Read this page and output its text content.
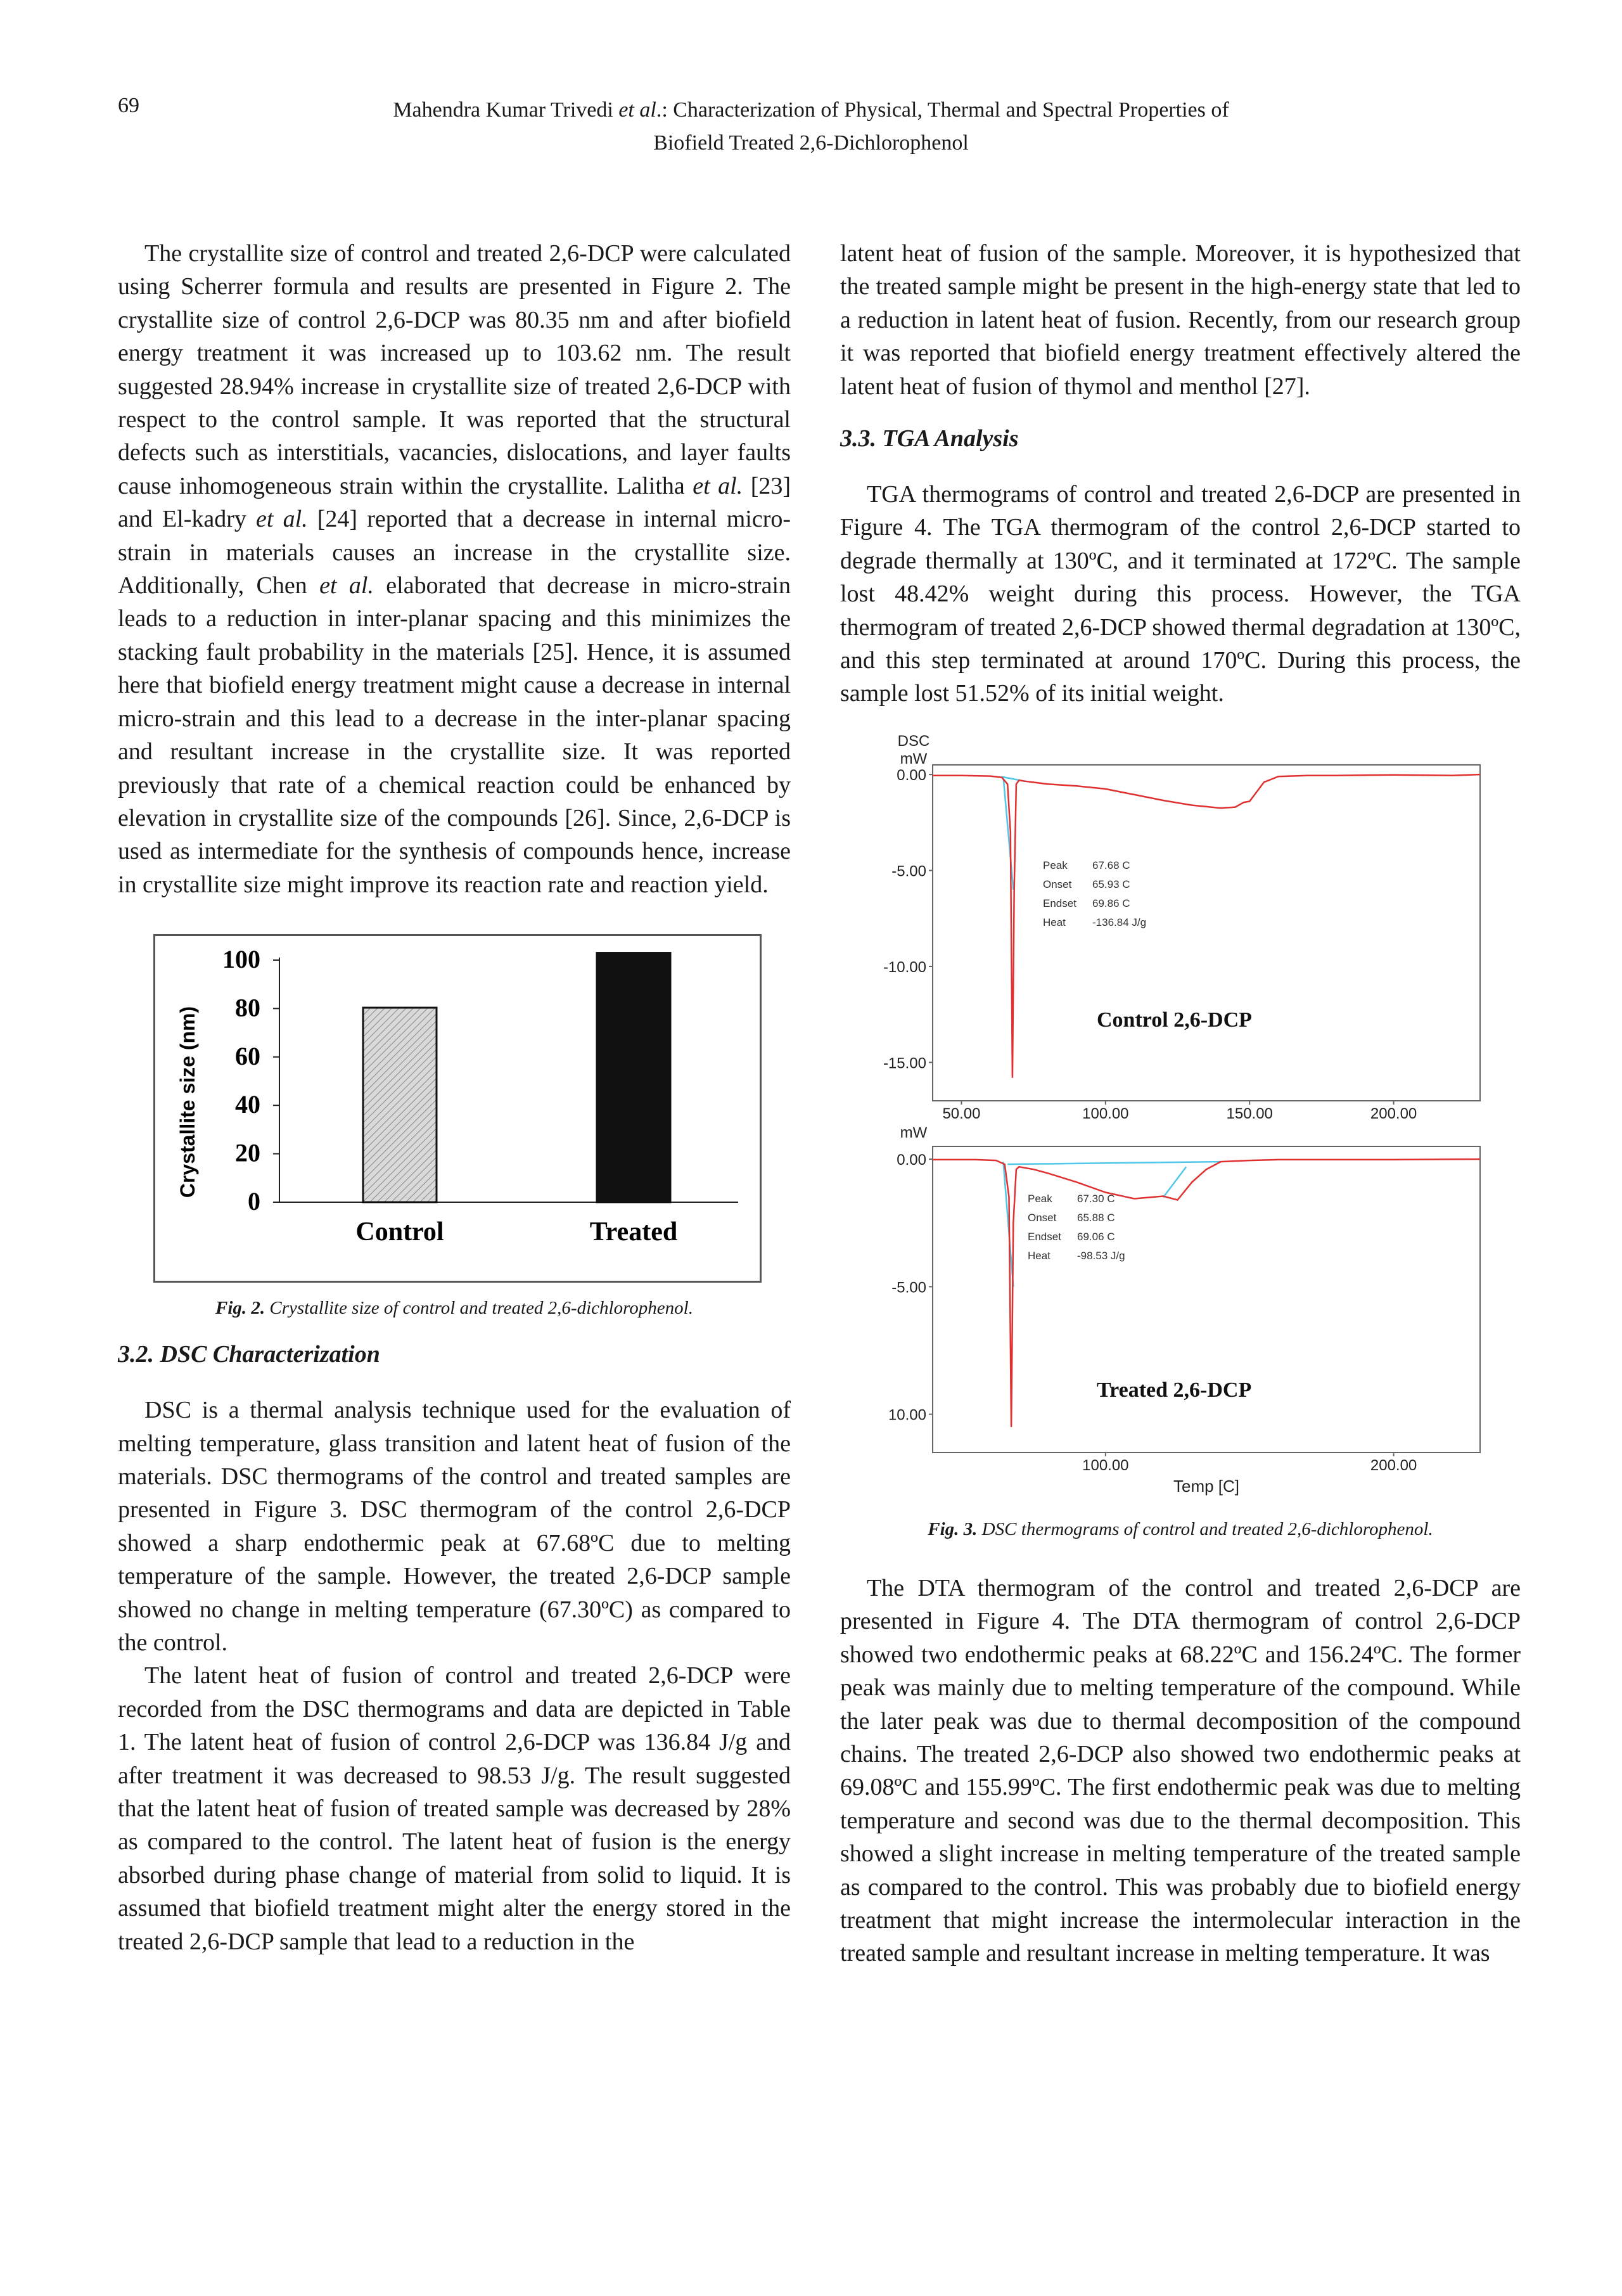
69	Mahendra Kumar Trivedi et al.: Characterization of Physical, Thermal and Spectral Properties of
Biofield Treated 2,6-Dichlorophenol

The crystallite size of control and treated 2,6-DCP were calculated using Scherrer formula and results are presented in Figure 2. The crystallite size of control 2,6-DCP was 80.35 nm and after biofield energy treatment it was increased up to 103.62 nm. The result suggested 28.94% increase in crystallite size of treated 2,6-DCP with respect to the control sample. It was reported that the structural defects such as interstitials, vacancies, dislocations, and layer faults cause inhomogeneous strain within the crystallite. Lalitha et al. [23] and El-kadry et al. [24] reported that a decrease in internal micro-strain in materials causes an increase in the crystallite size. Additionally, Chen et al. elaborated that decrease in micro-strain leads to a reduction in inter-planar spacing and this minimizes the stacking fault probability in the materials [25]. Hence, it is assumed here that biofield energy treatment might cause a decrease in internal micro-strain and this lead to a decrease in the inter-planar spacing and resultant increase in the crystallite size. It was reported previously that rate of a chemical reaction could be enhanced by elevation in crystallite size of the compounds [26]. Since, 2,6-DCP is used as intermediate for the synthesis of compounds hence, increase in crystallite size might improve its reaction rate and reaction yield.

0
20
40
60
80
100
Control	Treated
Crystallite size (nm)

Fig. 2. Crystallite size of control and treated 2,6-dichlorophenol.

3.2. DSC Characterization

DSC is a thermal analysis technique used for the evaluation of melting temperature, glass transition and latent heat of fusion of the materials. DSC thermograms of the control and treated samples are presented in Figure 3. DSC thermogram of the control 2,6-DCP showed a sharp endothermic peak at 67.68ºC due to melting temperature of the sample. However, the treated 2,6-DCP sample showed no change in melting temperature (67.30ºC) as compared to the control.

The latent heat of fusion of control and treated 2,6-DCP were recorded from the DSC thermograms and data are depicted in Table 1. The latent heat of fusion of control 2,6-DCP was 136.84 J/g and after treatment it was decreased to 98.53 J/g. The result suggested that the latent heat of fusion of treated sample was decreased by 28% as compared to the control. The latent heat of fusion is the energy absorbed during phase change of material from solid to liquid. It is assumed that biofield treatment might alter the energy stored in the treated 2,6-DCP sample that lead to a reduction in the

latent heat of fusion of the sample. Moreover, it is hypothesized that the treated sample might be present in the high-energy state that led to a reduction in latent heat of fusion. Recently, from our research group it was reported that biofield energy treatment effectively altered the latent heat of fusion of thymol and menthol [27].

3.3. TGA Analysis

TGA thermograms of control and treated 2,6-DCP are presented in Figure 4. The TGA thermogram of the control 2,6-DCP started to degrade thermally at 130ºC, and it terminated at 172ºC. The sample lost 48.42% weight during this process. However, the TGA thermogram of treated 2,6-DCP showed thermal degradation at 130ºC, and this step terminated at around 170ºC. During this process, the sample lost 51.52% of its initial weight.

0.00
-5.00
-10.00
-15.00
50.00	100.00	150.00	200.00
DSC
mW
Peak 67.68 C
Onset 65.93 C
Endset 69.86 C
Heat -136.84 J/g
Control 2,6-DCP
0.00
-5.00
10.00
100.00	200.00
mW
Peak 67.30 C
Onset 65.88 C
Endset 69.06 C
Heat -98.53 J/g
Treated 2,6-DCP
Temp [C]

Fig. 3. DSC thermograms of control and treated 2,6-dichlorophenol.

The DTA thermogram of the control and treated 2,6-DCP are presented in Figure 4. The DTA thermogram of control 2,6-DCP showed two endothermic peaks at 68.22ºC and 156.24ºC. The former peak was mainly due to melting temperature of the compound. While the later peak was due to thermal decomposition of the compound chains. The treated 2,6-DCP also showed two endothermic peaks at 69.08ºC and 155.99ºC. The first endothermic peak was due to melting temperature and second was due to the thermal decomposition. This showed a slight increase in melting temperature of the treated sample as compared to the control. This was probably due to biofield energy treatment that might increase the intermolecular interaction in the treated sample and resultant increase in melting temperature. It was
